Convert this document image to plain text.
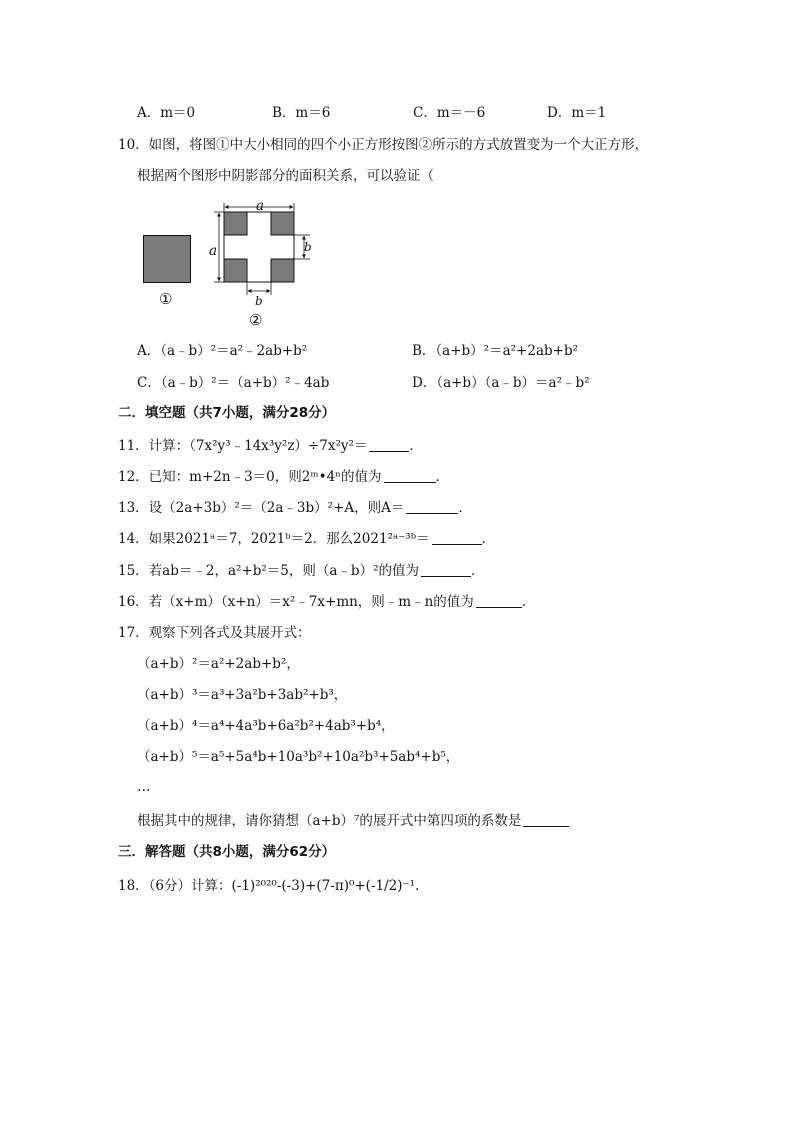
A．m＝0	B．m＝6	C．m＝－6	D．m＝1
10．如图，将图①中大小相同的四个小正方形按图②所示的方式放置变为一个大正方形，
根据两个图形中阴影部分的面积关系，可以验证（
①
a
a	b
b
②
A．（a﹣b）²＝a²﹣2ab+b²	B．（a+b）²＝a²+2ab+b²
C．（a﹣b）²＝（a+b）²﹣4ab	D．（a+b）（a﹣b）＝a²﹣b²
二．填空题（共7小题，满分28分）
11．计算：（7x²y³﹣14x³y²z）÷7x²y²＝	．
12．已知：m+2n﹣3＝0，则2ᵐ•4ⁿ的值为	．
13．设（2a+3b）²＝（2a﹣3b）²+A，则A＝	．
14．如果2021ᵃ＝7，2021ᵇ＝2．那么2021²ᵃ⁻³ᵇ＝	．
15．若ab＝﹣2，a²+b²＝5，则（a﹣b）²的值为	．
16．若（x+m）（x+n）＝x²﹣7x+mn，则﹣m﹣n的值为	．
17．观察下列各式及其展开式：
（a+b）²＝a²+2ab+b²，
（a+b）³＝a³+3a²b+3ab²+b³，
（a+b）⁴＝a⁴+4a³b+6a²b²+4ab³+b⁴，
（a+b）⁵＝a⁵+5a⁴b+10a³b²+10a²b³+5ab⁴+b⁵，
…
根据其中的规律，请你猜想（a+b）⁷的展开式中第四项的系数是
三．解答题（共8小题，满分62分）
18．（6分）计算：(-1)²⁰²⁰-(-3)+(7-π)⁰+(-1/2)⁻¹.
